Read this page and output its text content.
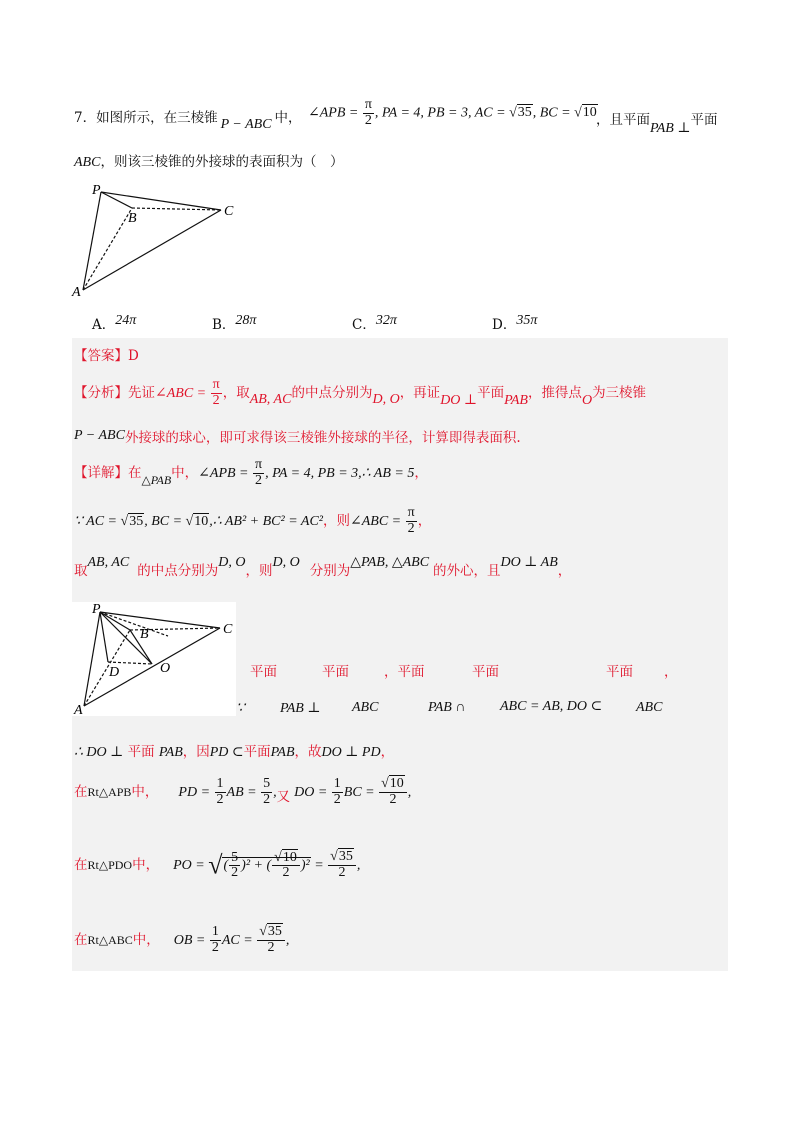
7．如图所示，在三棱锥 P − ABC 中， ∠APB = $\frac{\pi}{2}$ , PA = 4, PB = 3, AC = √35, BC = √10 ，且平面PAB ⊥平面
ABC，则该三棱锥的外接球的表面积为（　）
P
B	C
A
A．24π	B．28π	C．32π	D．35π
【答案】D
【分析】先证∠ABC = $\frac{\pi}{2}$ ，取AB, AC的中点分别为D, O，再证DO ⊥平面PAB，推得点O为三棱锥
P − ABC外接球的球心，即可求得该三棱锥外接球的半径，计算即得表面积.
【详解】在△PAB中，∠APB = $\frac{\pi}{2}$ , PA = 4, PB = 3,∴ AB = 5，
∵ AC = √35, BC = √10,∴ AB² + BC² = AC²，则∠ABC = $\frac{\pi}{2}$ ，
取AB, AC的中点分别为D, O，则D, O分别为△PAB, △ABC的外心，且DO ⊥ AB，
P
B	C
D	O
A
平面	平面	，平面	平面	平面 ，
∵	PAB ⊥ ABC	PAB ∩ ABC = AB, DO ⊂ ABC
∴ DO ⊥ 平面 PAB，因PD ⊂平面PAB，故DO ⊥ PD，
在Rt△APB中， PD = $\frac{1}{2}$ AB = $\frac{5}{2}$ ,又 DO = $\frac{1}{2}$ BC = $\frac{√10}{2}$ ,
在Rt△PDO中， PO = √( $\frac{5}{2} )^2$ + ( $\frac{√10}{2} )^2 = \frac{√35}{2}$ ,
在Rt△ABC中， OB = $\frac{1}{2}$ AC = $\frac{√35}{2}$ ,
